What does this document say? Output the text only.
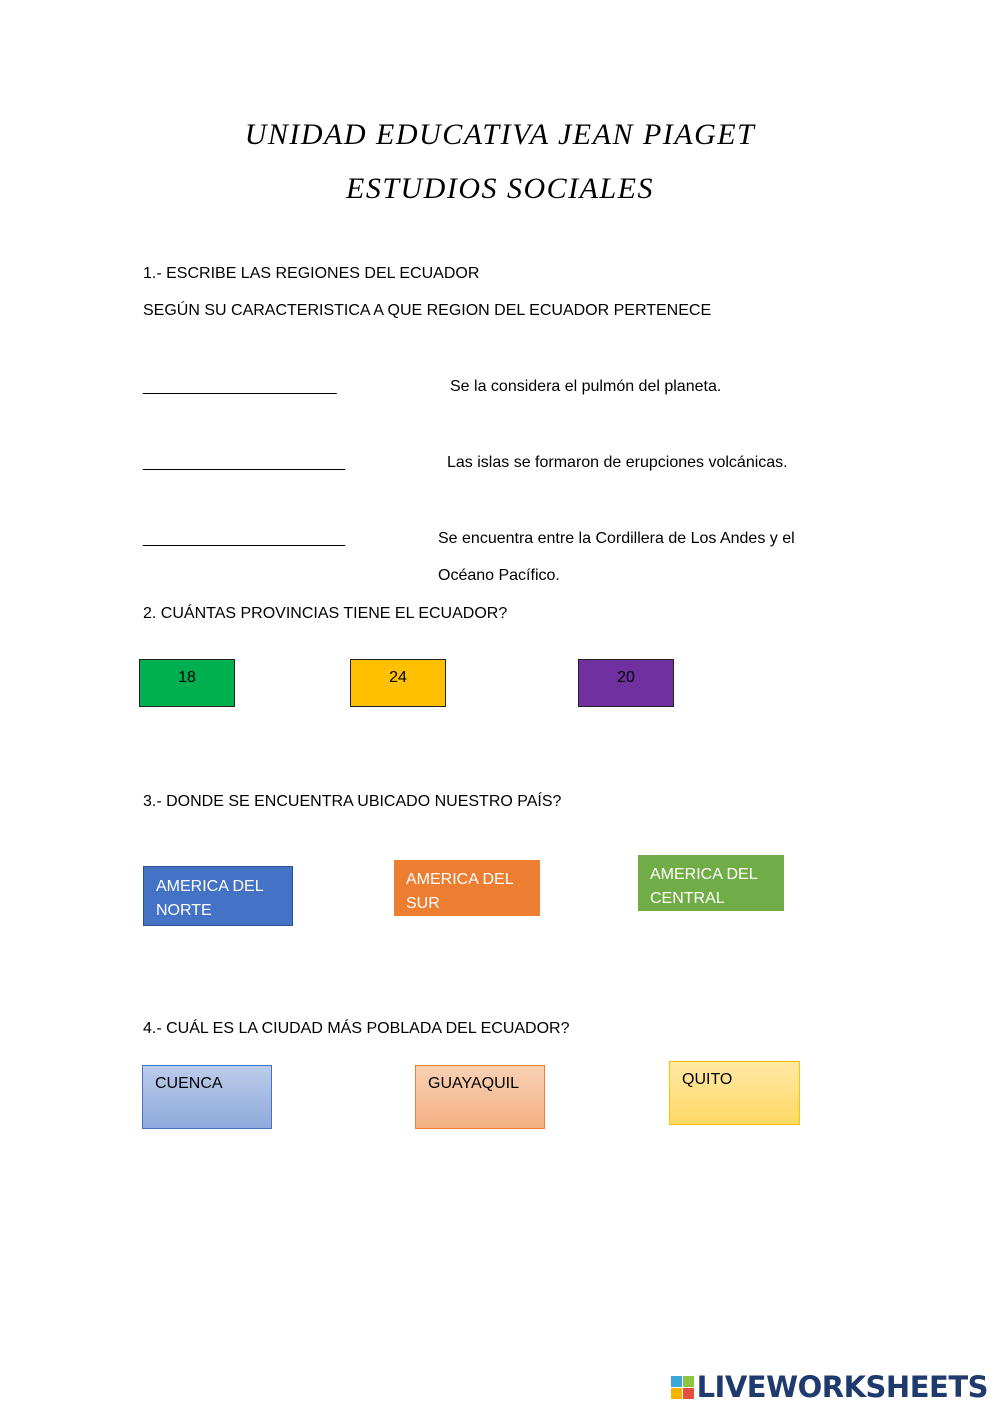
UNIDAD EDUCATIVA JEAN PIAGET
ESTUDIOS SOCIALES
1.- ESCRIBE LAS REGIONES DEL ECUADOR
SEGÚN SU CARACTERISTICA A QUE REGION DEL ECUADOR PERTENECE
_______________________	Se la considera el pulmón del planeta.
________________________	Las islas se formaron de erupciones volcánicas.
________________________	Se encuentra entre la Cordillera de Los Andes y el
Océano Pacífico.
2. CUÁNTAS PROVINCIAS TIENE EL ECUADOR?
18	24	20
3.- DONDE SE ENCUENTRA UBICADO NUESTRO PAÍS?
AMERICA DEL
NORTE
AMERICA DEL
SUR
AMERICA DEL
CENTRAL
4.- CUÁL ES LA CIUDAD MÁS POBLADA DEL ECUADOR?
CUENCA	GUAYAQUIL	QUITO
LIVEWORKSHEETS
